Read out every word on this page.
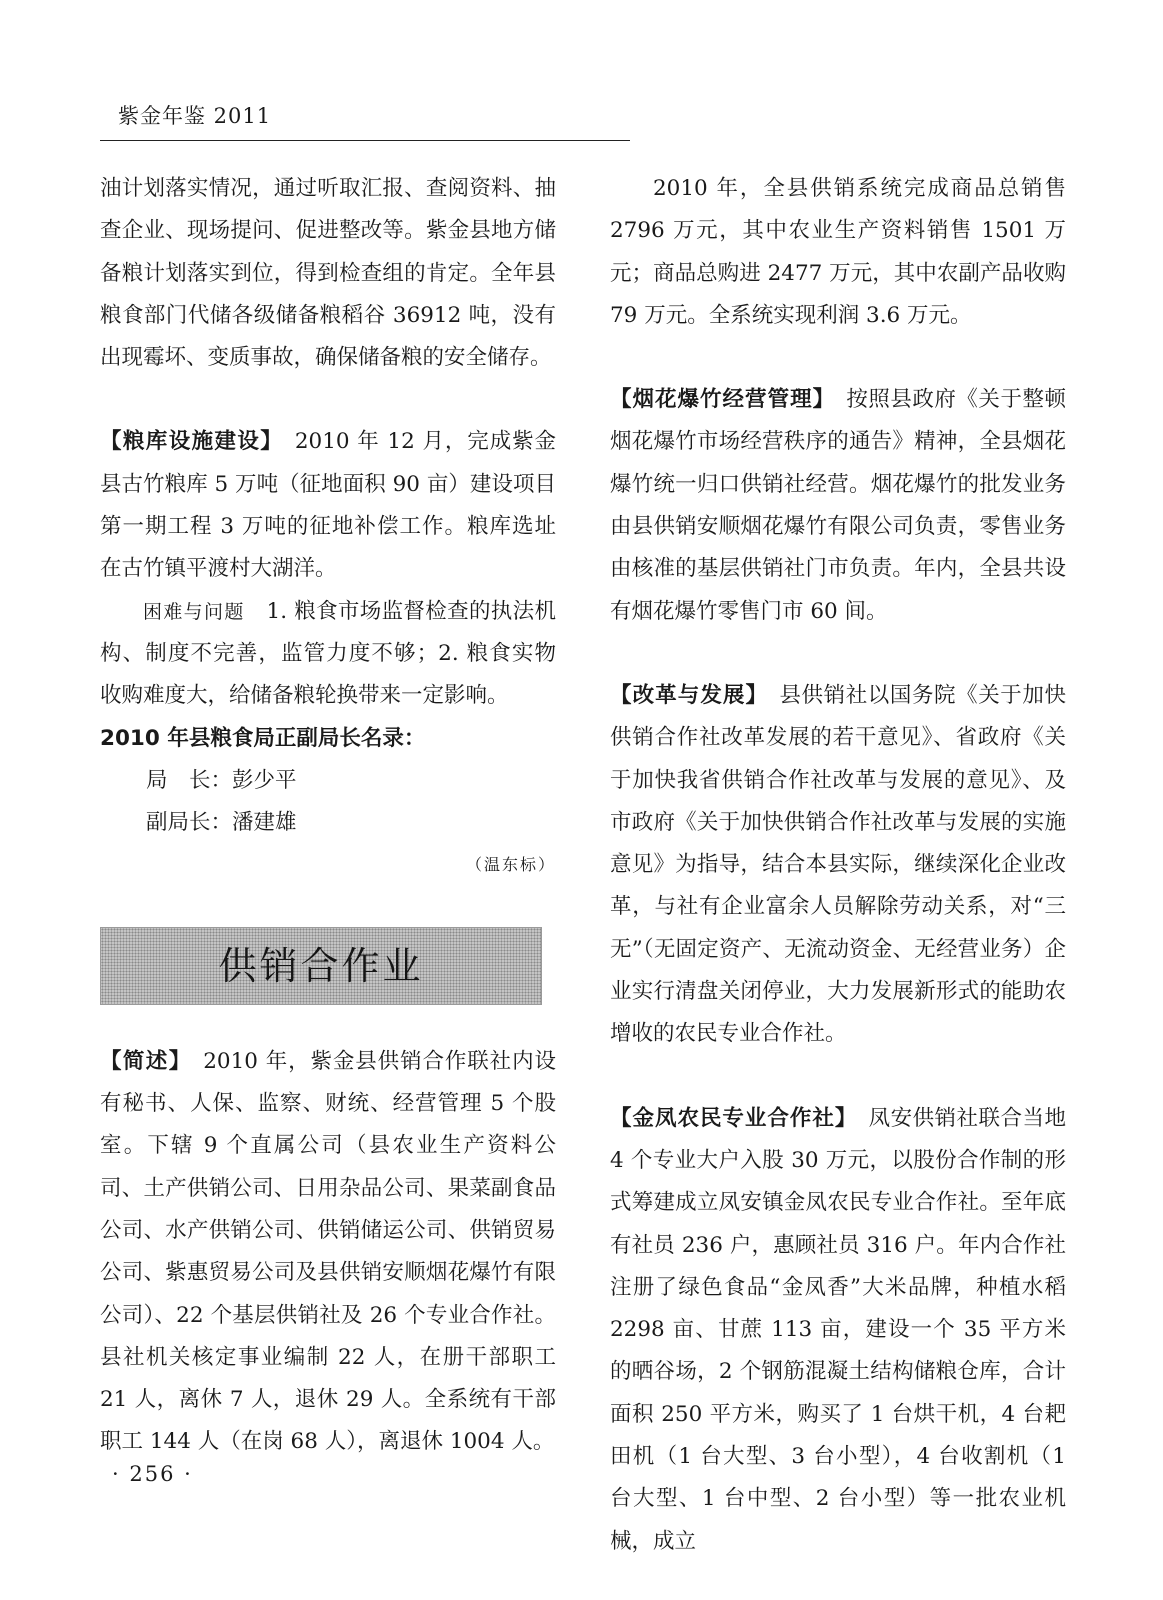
紫金年鉴 2011

油计划落实情况，通过听取汇报、查阅资料、抽查企业、现场提问、促进整改等。紫金县地方储备粮计划落实到位，得到检查组的肯定。全年县粮食部门代储各级储备粮稻谷 36912 吨，没有出现霉坏、变质事故，确保储备粮的安全储存。

【粮库设施建设】　 2010 年 12 月，完成紫金县古竹粮库 5 万吨（征地面积 90 亩）建设项目第一期工程 3 万吨的征地补偿工作。粮库选址在古竹镇平渡村大湖洋。

困难与问题　 1. 粮食市场监督检查的执法机构、制度不完善，监管力度不够；2. 粮食实物收购难度大，给储备粮轮换带来一定影响。

2010 年县粮食局正副局长名录：

局　长：彭少平

副局长：潘建雄

（温东标）

供销合作业

【简述】　 2010 年，紫金县供销合作联社内设有秘书、人保、监察、财统、经营管理 5 个股室。下辖 9 个直属公司（县农业生产资料公司、土产供销公司、日用杂品公司、果菜副食品公司、水产供销公司、供销储运公司、供销贸易公司、紫惠贸易公司及县供销安顺烟花爆竹有限公司）、22 个基层供销社及 26 个专业合作社。县社机关核定事业编制 22 人，在册干部职工 21 人，离休 7 人，退休 29 人。全系统有干部职工 144 人（在岗 68 人），离退休 1004 人。

2010 年，全县供销系统完成商品总销售 2796 万元，其中农业生产资料销售 1501 万元；商品总购进 2477 万元，其中农副产品收购 79 万元。全系统实现利润 3.6 万元。

【烟花爆竹经营管理】　 按照县政府《关于整顿烟花爆竹市场经营秩序的通告》精神，全县烟花爆竹统一归口供销社经营。烟花爆竹的批发业务由县供销安顺烟花爆竹有限公司负责，零售业务由核准的基层供销社门市负责。年内，全县共设有烟花爆竹零售门市 60 间。

【改革与发展】　 县供销社以国务院《关于加快供销合作社改革发展的若干意见》、省政府《关于加快我省供销合作社改革与发展的意见》、及市政府《关于加快供销合作社改革与发展的实施意见》为指导，结合本县实际，继续深化企业改革，与社有企业富余人员解除劳动关系，对“三无”（无固定资产、无流动资金、无经营业务）企业实行清盘关闭停业，大力发展新形式的能助农增收的农民专业合作社。

【金凤农民专业合作社】　 凤安供销社联合当地 4 个专业大户入股 30 万元，以股份合作制的形式筹建成立凤安镇金凤农民专业合作社。至年底有社员 236 户，惠顾社员 316 户。年内合作社注册了绿色食品“金凤香”大米品牌，种植水稻 2298 亩、甘蔗 113 亩，建设一个 35 平方米的晒谷场，2 个钢筋混凝土结构储粮仓库，合计面积 250 平方米，购买了 1 台烘干机，4 台耙田机（1 台大型、3 台小型），4 台收割机（1 台大型、1 台中型、2 台小型）等一批农业机械，成立

· 256 ·
